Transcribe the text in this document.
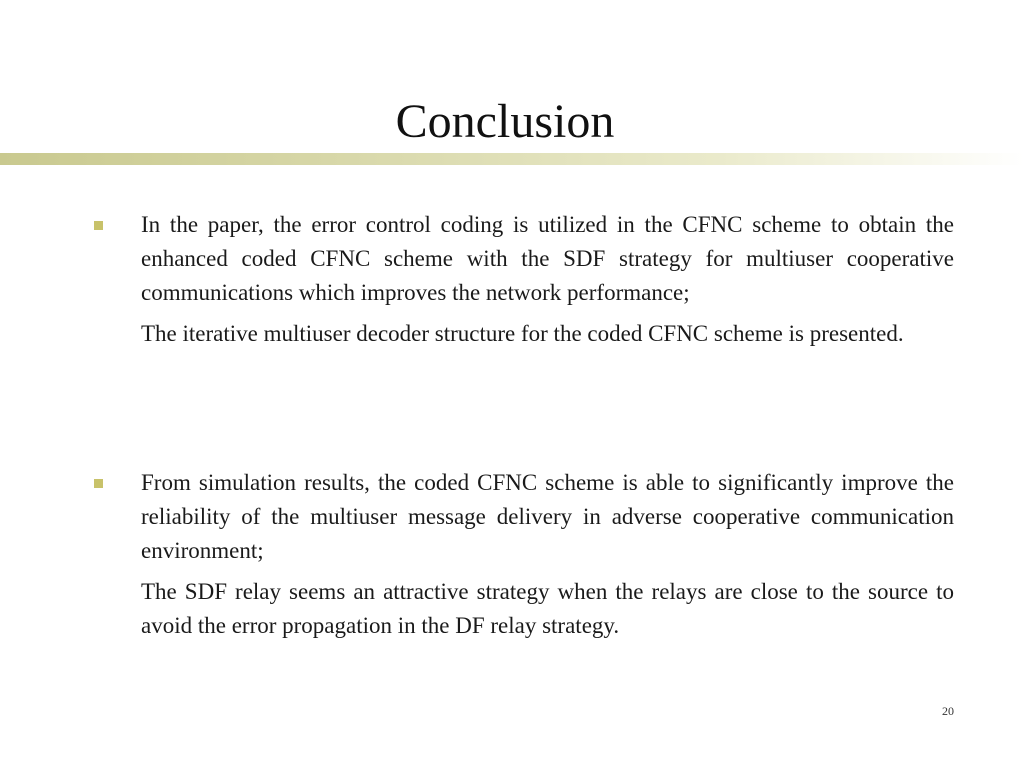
Conclusion

In the paper, the error control coding is utilized in the CFNC scheme to obtain the enhanced coded CFNC scheme with the SDF strategy for multiuser cooperative communications which improves the network performance;

The iterative multiuser decoder structure for the coded CFNC scheme is presented.

From simulation results, the coded CFNC scheme is able to significantly improve the reliability of the multiuser message delivery in adverse cooperative communication environment;

The SDF relay seems an attractive strategy when the relays are close to the source to avoid the error propagation in the DF relay strategy.

20
